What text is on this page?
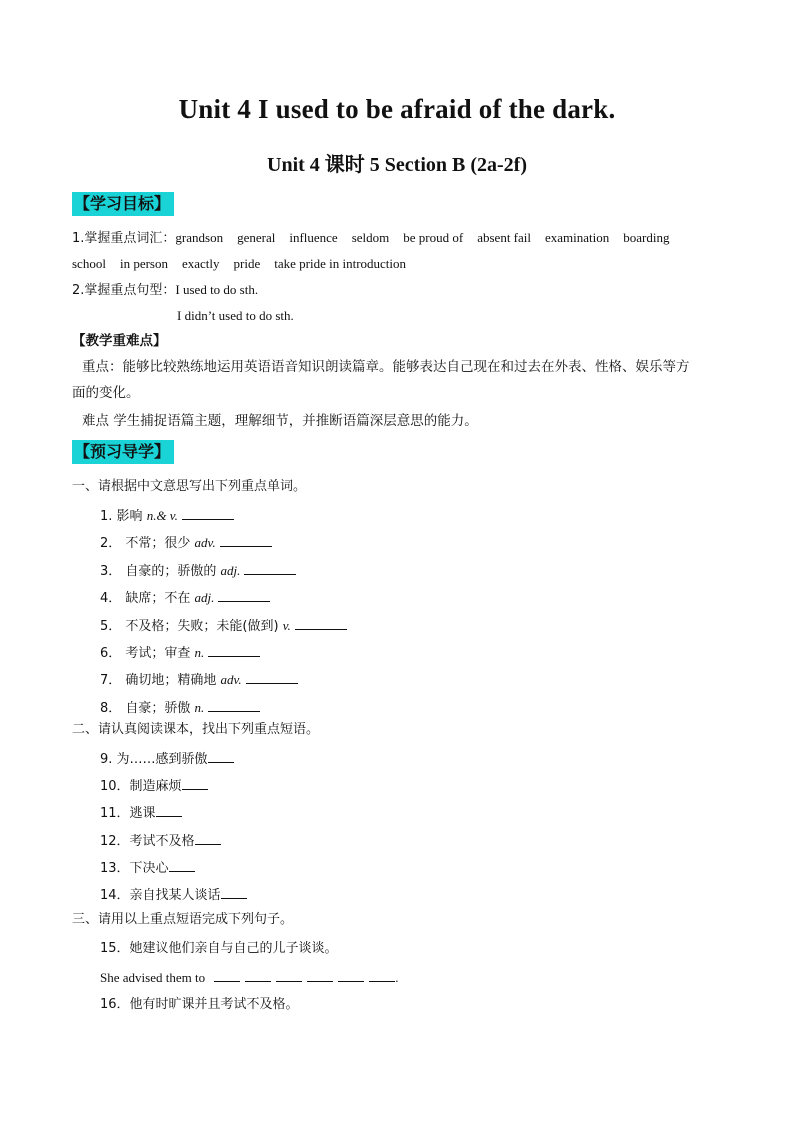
Unit 4 I used to be afraid of the dark.
Unit 4 课时 5 Section B (2a-2f)
【学习目标】
1.掌握重点词汇：grandson general influence seldom be proud of absent fail examination boarding
school in person exactly pride take pride in introduction
2.掌握重点句型：I used to do sth.
I didn’t used to do sth.
【教学重难点】
重点：能够比较熟练地运用英语语音知识朗读篇章。能够表达自己现在和过去在外表、性格、娱乐等方
面的变化。
难点 学生捕捉语篇主题，理解细节，并推断语篇深层意思的能力。
【预习导学】
一、请根据中文意思写出下列重点单词。
1. 影响 n.& v.
2． 不常；很少 adv.
3． 自豪的；骄傲的 adj.
4． 缺席；不在 adj.
5． 不及格；失败；未能(做到) v.
6． 考试；审查 n.
7． 确切地；精确地 adv.
8． 自豪；骄傲 n.
二、请认真阅读课本，找出下列重点短语。
9. 为……感到骄傲
10．制造麻烦
11．逃课
12．考试不及格
13．下决心
14．亲自找某人谈话
三、请用以上重点短语完成下列句子。
15．她建议他们亲自与自己的儿子谈谈。
She advised them to	.
16．他有时旷课并且考试不及格。
